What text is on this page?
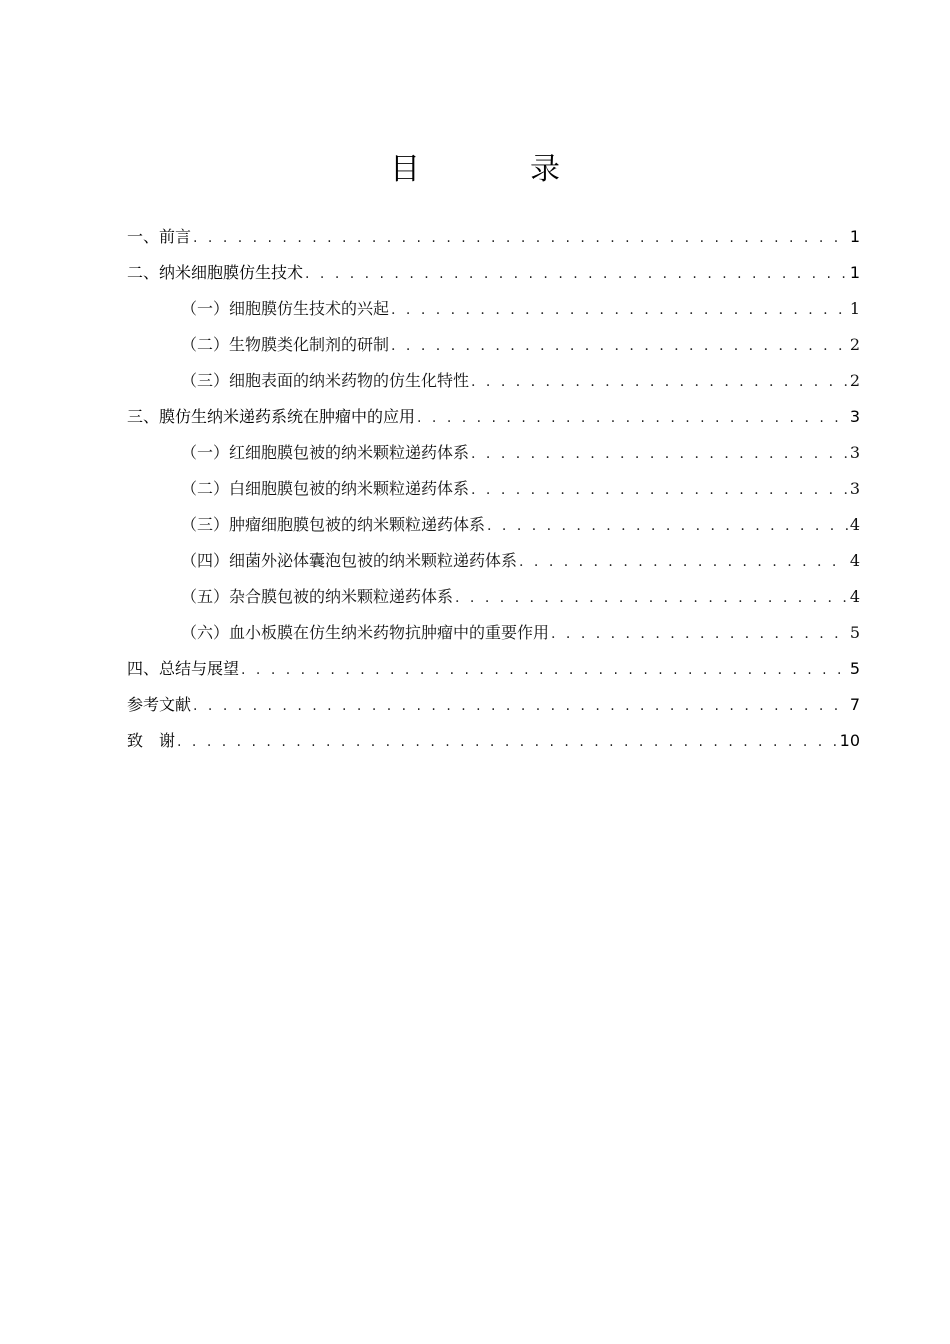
目　录
一、前言 . . .	1
二、纳米细胞膜仿生技术 . . .	1
（一）细胞膜仿生技术的兴起 . . .	1
（二）生物膜类化制剂的研制 . . .	2
（三）细胞表面的纳米药物的仿生化特性 . . .	2
三、膜仿生纳米递药系统在肿瘤中的应用 . . .	3
（一）红细胞膜包被的纳米颗粒递药体系 . . .	3
（二）白细胞膜包被的纳米颗粒递药体系 . . .	3
（三）肿瘤细胞膜包被的纳米颗粒递药体系 . . .	4
（四）细菌外泌体囊泡包被的纳米颗粒递药体系 . . .	4
（五）杂合膜包被的纳米颗粒递药体系 . . .	4
（六）血小板膜在仿生纳米药物抗肿瘤中的重要作用 . . .	5
四、总结与展望 . . .	5
参考文献 . . .	7
致　谢 . . .	10
